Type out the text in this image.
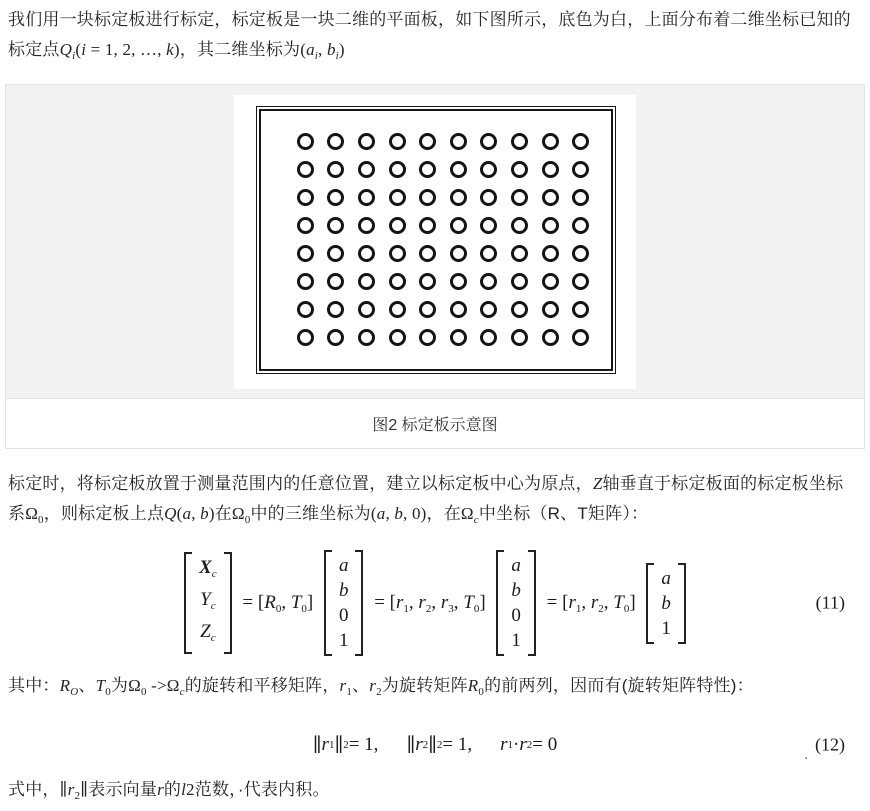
我们用一块标定板进行标定，标定板是一块二维的平面板，如下图所示，底色为白，上面分布着二维坐标已知的标定点$Q_i(i = 1$, 2, …, k)，其二维坐标为($a_i$, $b_i$)
图2 标定板示意图
标定时，将标定板放置于测量范围内的任意位置，建立以标定板中心为原点，Z轴垂直于标定板面的标定板坐标系$\Omega_0$，则标定板上点Q(a, b)在$\Omega_0$中的三维坐标为(a, b, 0)，在$\Omega_c$中坐标（R、T矩阵）：
$X_c$
$Y_c$
$Z_c$
= [$R_0$, $T_0$]
a
b
0
1
= [$r_1$, $r_2$, $r_3$, $T_0$]
a
b
0
1
= [$r_1$, $r_2$, $T_0$]
a
b
1
(11)
其中：$R_O$、$T_0$为$\Omega_0$ $->\Omega_c$的旋转和平移矩阵，$r_1$、$r_2$为旋转矩阵$R_0$的前两列，因而有(旋转矩阵特性)：
∥ r 1 ∥ 2 = 1, ∥ r 2 ∥ 2 = 1, r 1 · r 2 = 0
.
(12)
式中，$\parallel r_2\parallel$表示向量r的l2范数，·代表内积。
